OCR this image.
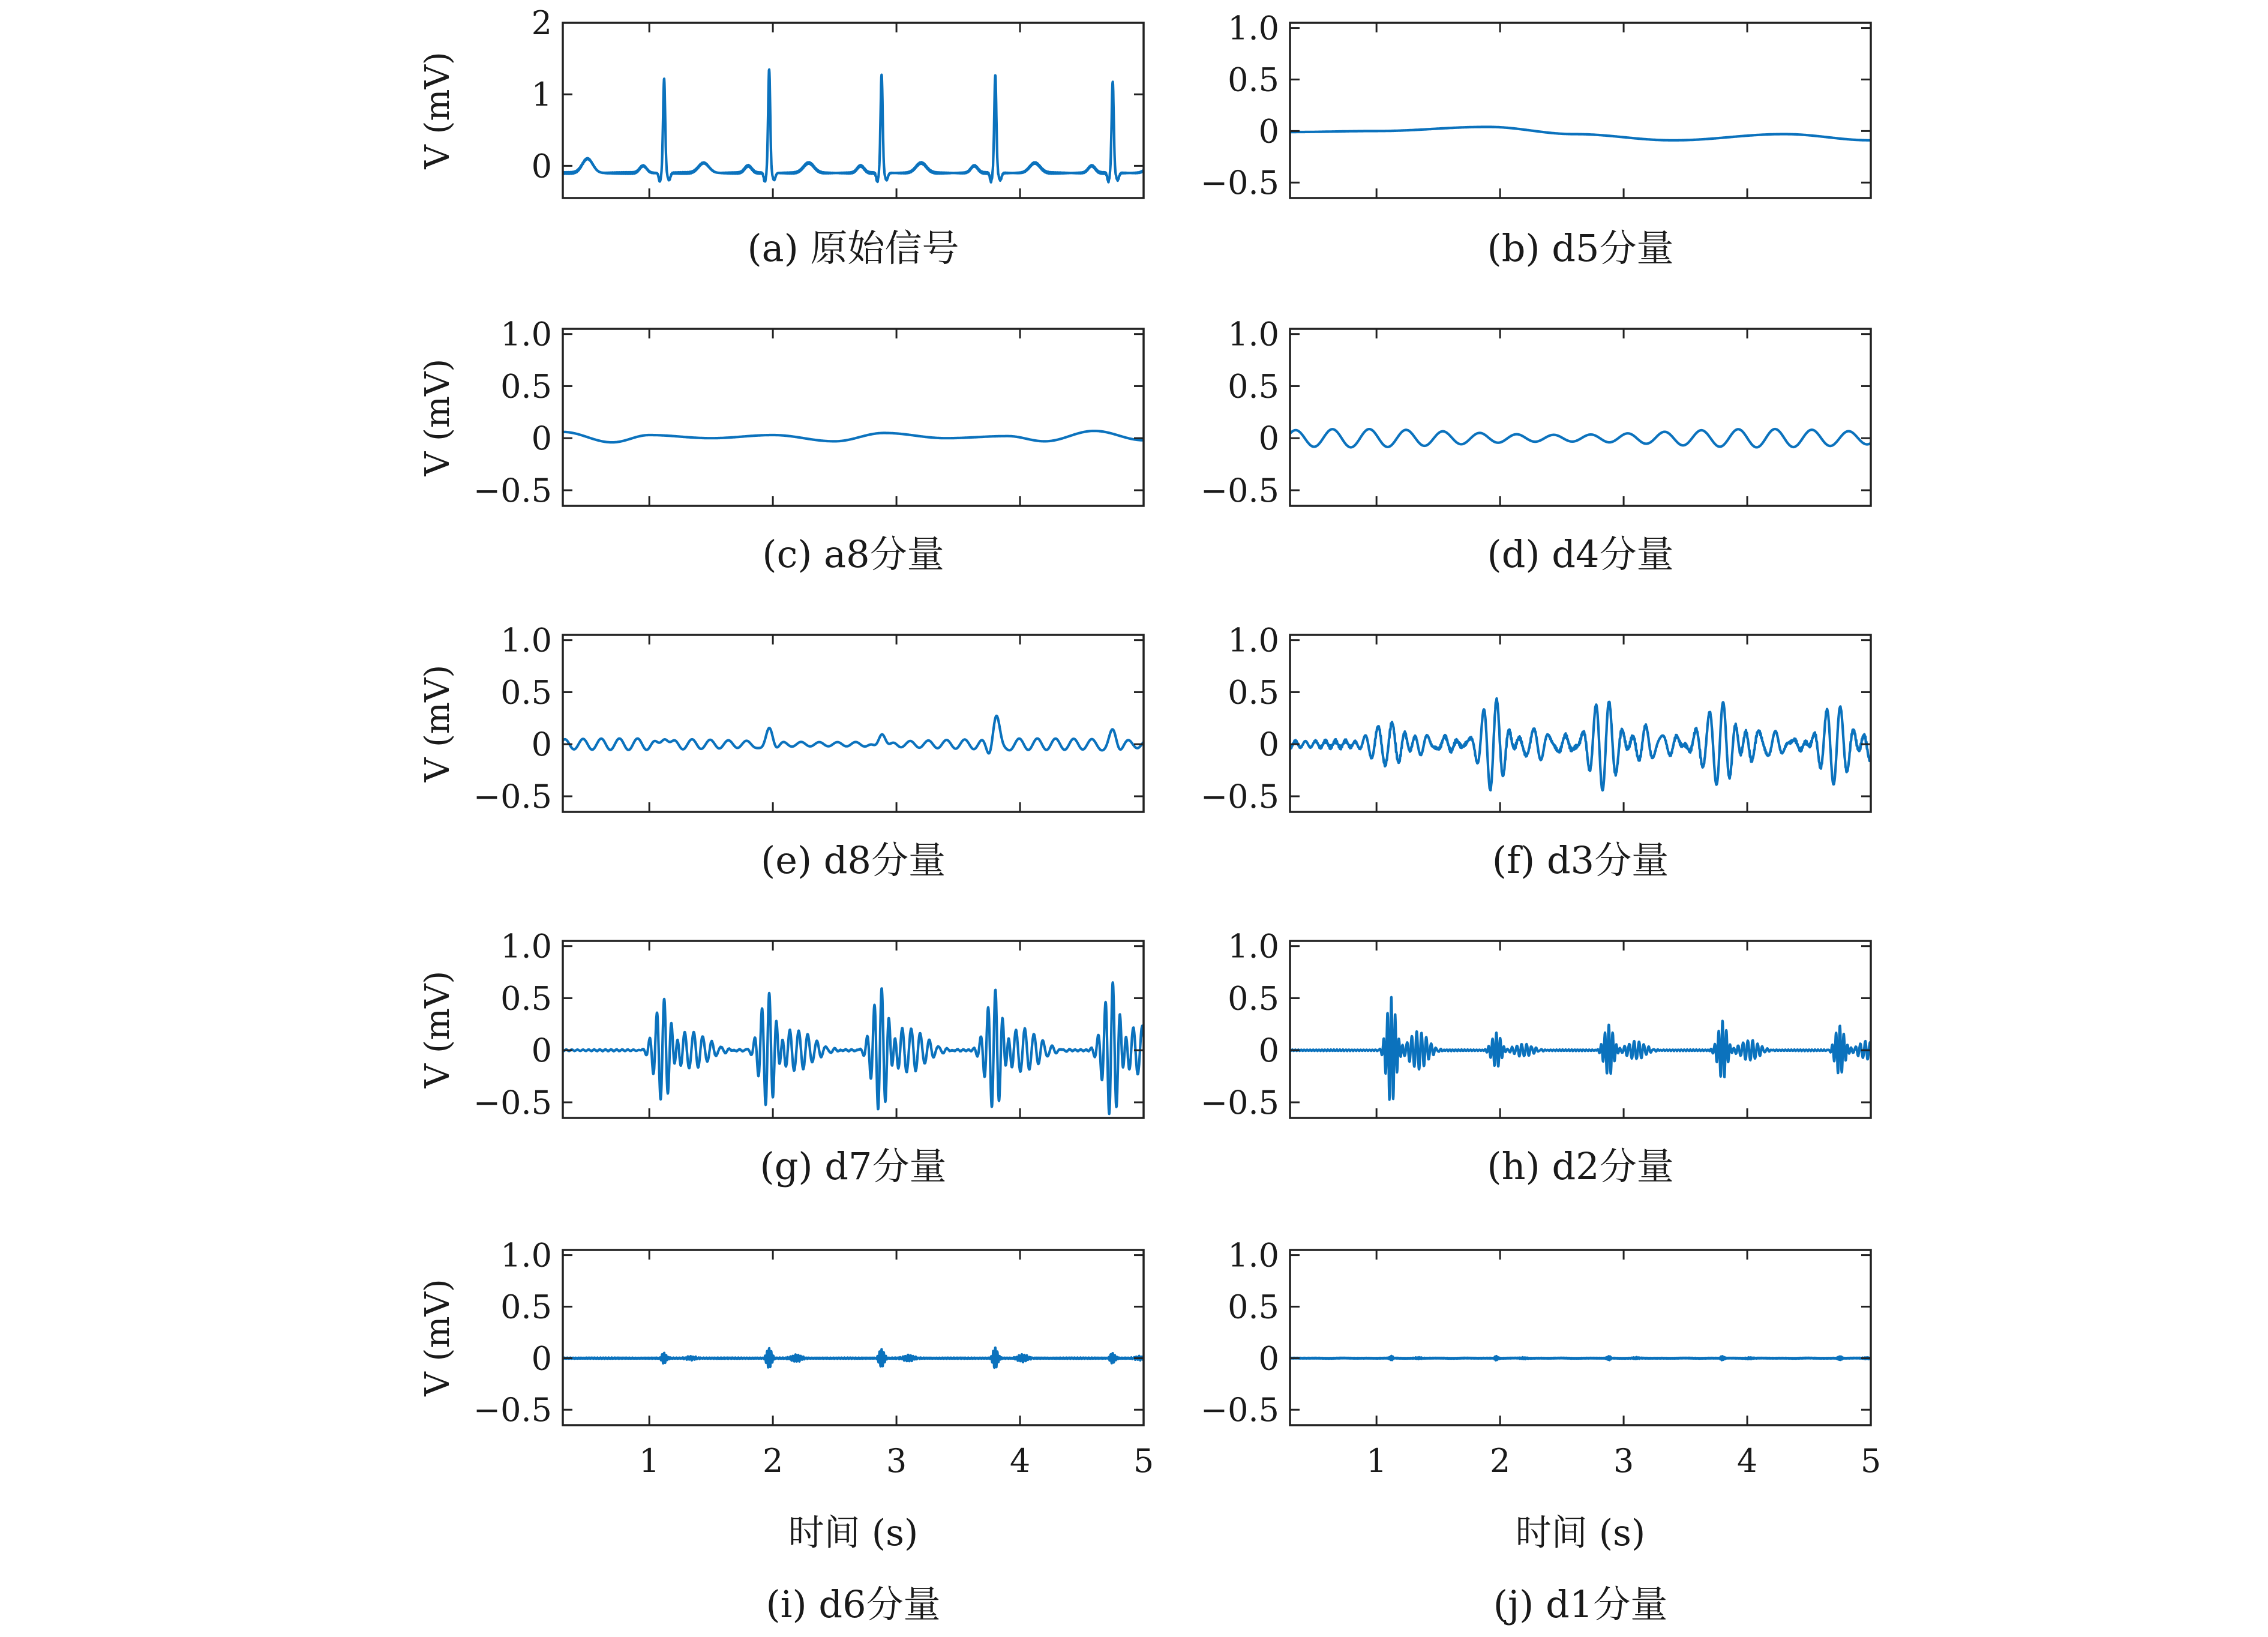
0
1
2
V (mV)
(a) 原始信号
−0.5
0
0.5
1.0
(b) d5分量
−0.5
0
0.5
1.0
V (mV)
(c) a8分量
−0.5
0
0.5
1.0
(d) d4分量
−0.5
0
0.5
1.0
V (mV)
(e) d8分量
−0.5
0
0.5
1.0
(f) d3分量
−0.5
0
0.5
1.0
V (mV)
(g) d7分量
−0.5
0
0.5
1.0
(h) d2分量
−0.5
0
0.5
1.0
1	2	3	4	5
V (mV)
时间 (s)
(i) d6分量
−0.5
0
0.5
1.0
1	2	3	4	5
时间 (s)
(j) d1分量
